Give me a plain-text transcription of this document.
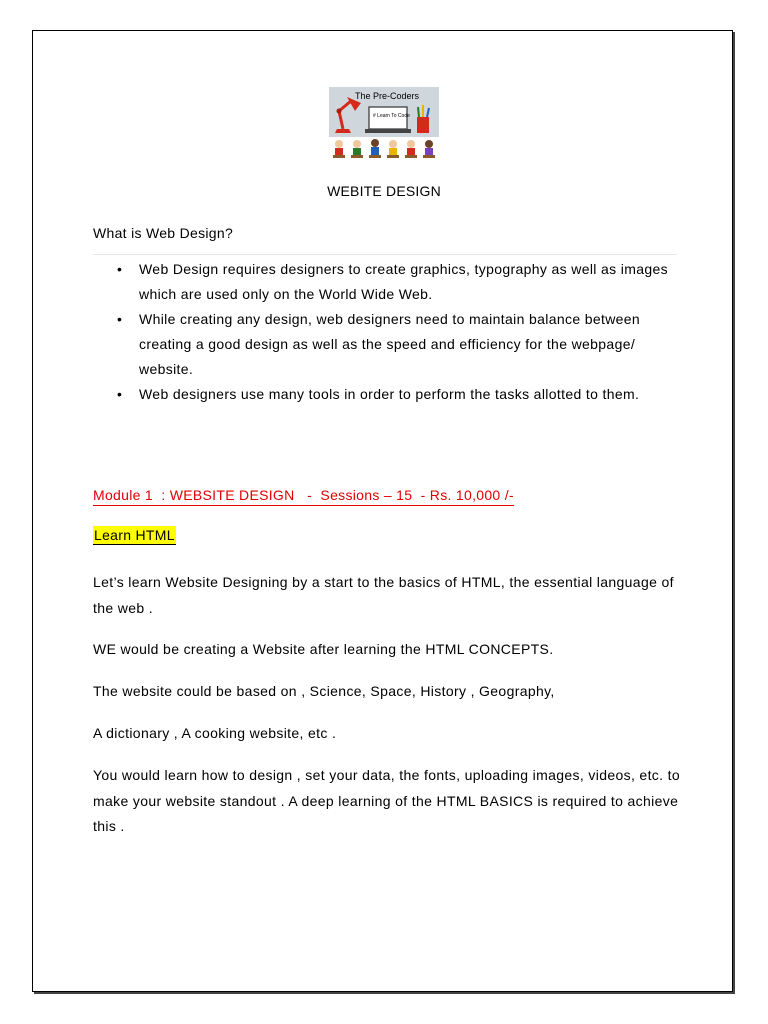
The Pre-Coders
# Learn To Code
WEBITE DESIGN
What is Web Design?
• Web Design requires designers to create graphics, typography as well as images which are used only on the World Wide Web.
• While creating any design, web designers need to maintain balance between creating a good design as well as the speed and efficiency for the webpage/ website.
• Web designers use many tools in order to perform the tasks allotted to them.
Module 1  : WEBSITE DESIGN   -  Sessions – 15  - Rs. 10,000 /-
Learn HTML

Let’s learn Website Designing by a start to the basics of HTML, the essential language of the web .

WE would be creating a Website after learning the HTML CONCEPTS.

The website could be based on , Science, Space, History , Geography,

A dictionary , A cooking website, etc .

You would learn how to design , set your data, the fonts, uploading images, videos, etc. to make your website standout . A deep learning of the HTML BASICS is required to achieve this .
